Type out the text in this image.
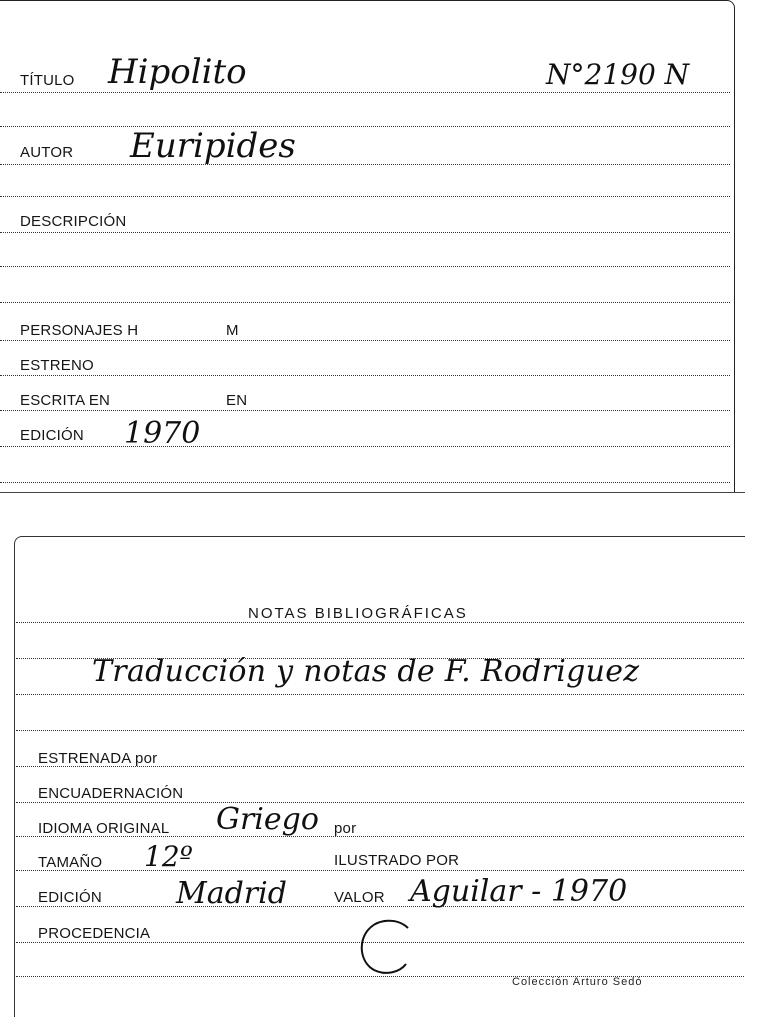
TÍTULO Hipolito	N°2190 N
AUTOR Euripides
DESCRIPCIÓN
PERSONAJES H	M
ESTRENO
ESCRITA EN	EN
EDICIÓN 1970
NOTAS BIBLIOGRÁFICAS
Traducción y notas de F. Rodriguez
ESTRENADA por
ENCUADERNACIÓN
IDIOMA ORIGINAL Griego por
TAMAÑO 12º	ILUSTRADO POR
EDICIÓN Madrid	VALOR Aguilar - 1970
PROCEDENCIA
Colección Arturo Sedó
